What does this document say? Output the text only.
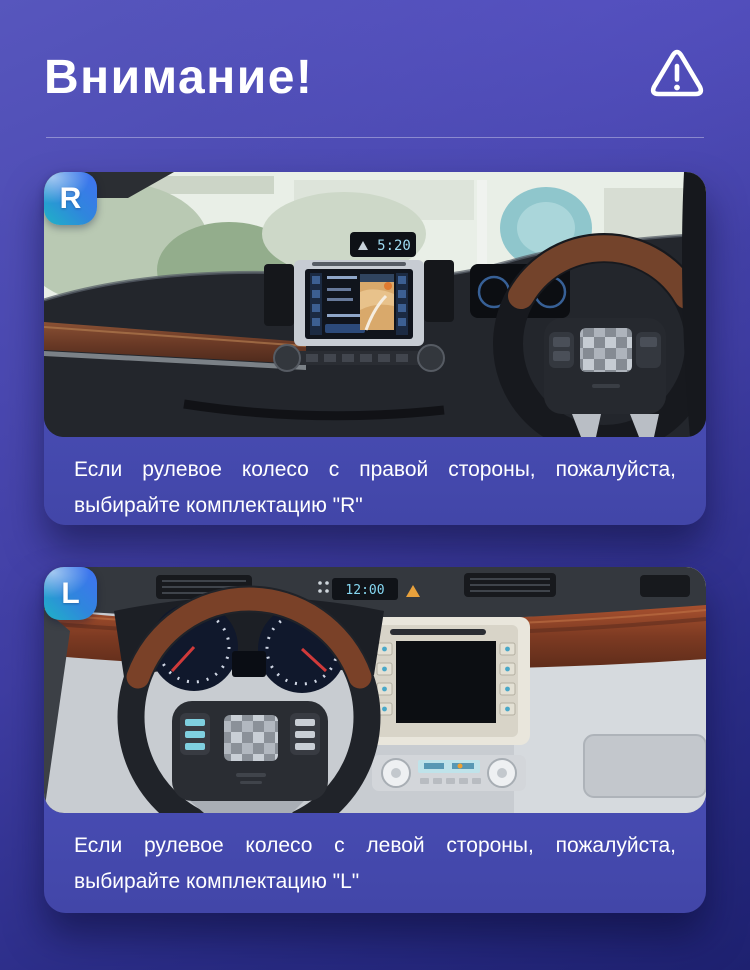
Внимание!
5:20
R
Если рулевое колесо с правой стороны, пожалуйста,
выбирайте комплектацию "R"
12:00
L
Если рулевое колесо с левой стороны, пожалуйста,
выбирайте комплектацию "L"
